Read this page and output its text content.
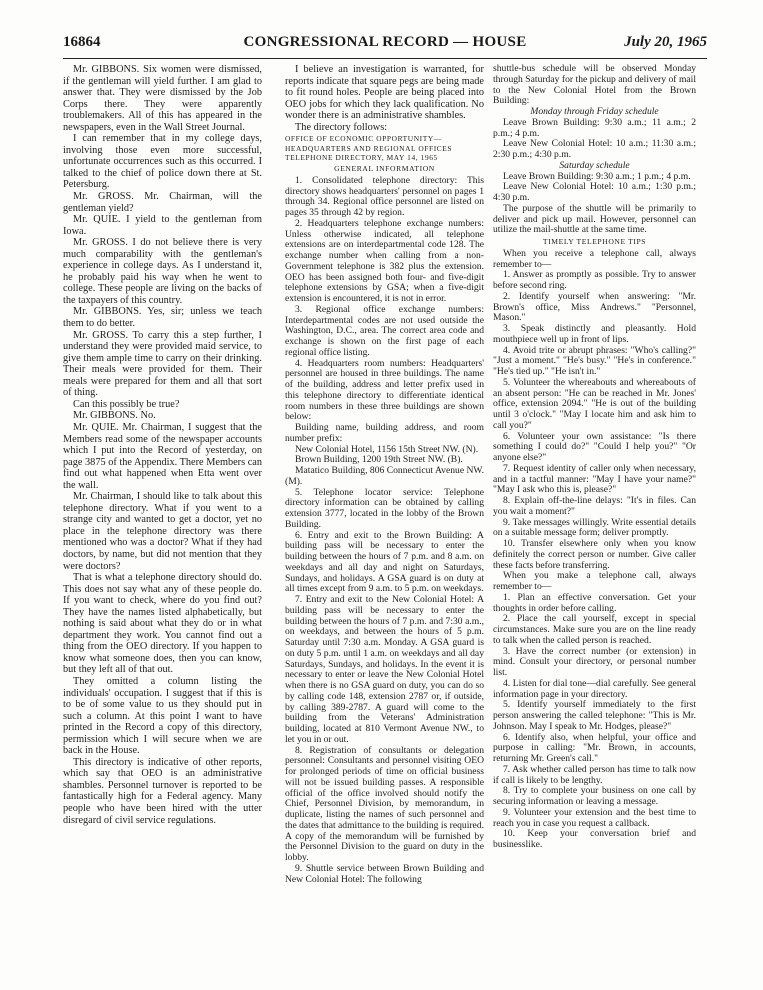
16864	CONGRESSIONAL RECORD — HOUSE	July 20, 1965

Mr. GIBBONS. Six women were dismissed, if the gentleman will yield further. I am glad to answer that. They were dismissed by the Job Corps there. They were apparently troublemakers. All of this has appeared in the newspapers, even in the Wall Street Journal.

I can remember that in my college days, involving those even more successful, unfortunate occurrences such as this occurred. I talked to the chief of police down there at St. Petersburg.

Mr. GROSS. Mr. Chairman, will the gentleman yield?

Mr. QUIE. I yield to the gentleman from Iowa.

Mr. GROSS. I do not believe there is very much comparability with the gentleman's experience in college days. As I understand it, he probably paid his way when he went to college. These people are living on the backs of the taxpayers of this country.

Mr. GIBBONS. Yes, sir; unless we teach them to do better.

Mr. GROSS. To carry this a step further, I understand they were provided maid service, to give them ample time to carry on their drinking. Their meals were provided for them. Their meals were prepared for them and all that sort of thing.

Can this possibly be true?

Mr. GIBBONS. No.

Mr. QUIE. Mr. Chairman, I suggest that the Members read some of the newspaper accounts which I put into the Record of yesterday, on page 3875 of the Appendix. There Members can find out what happened when Etta went over the wall.

Mr. Chairman, I should like to talk about this telephone directory. What if you went to a strange city and wanted to get a doctor, yet no place in the telephone directory was there mentioned who was a doctor? What if they had doctors, by name, but did not mention that they were doctors?

That is what a telephone directory should do. This does not say what any of these people do. If you want to check, where do you find out? They have the names listed alphabetically, but nothing is said about what they do or in what department they work. You cannot find out a thing from the OEO directory. If you happen to know what someone does, then you can know, but they left all of that out.

They omitted a column listing the individuals' occupation. I suggest that if this is to be of some value to us they should put in such a column. At this point I want to have printed in the Record a copy of this directory, permission which I will secure when we are back in the House.

This directory is indicative of other reports, which say that OEO is an administrative shambles. Personnel turnover is reported to be fantastically high for a Federal agency. Many people who have been hired with the utter disregard of civil service regulations.

I believe an investigation is warranted, for reports indicate that square pegs are being made to fit round holes. People are being placed into OEO jobs for which they lack qualification. No wonder there is an administrative shambles.

The directory follows:

OFFICE OF ECONOMIC OPPORTUNITY—HEADQUARTERS AND REGIONAL OFFICES TELEPHONE DIRECTORY, MAY 14, 1965

GENERAL INFORMATION

1. Consolidated telephone directory: This directory shows headquarters' personnel on pages 1 through 34. Regional office personnel are listed on pages 35 through 42 by region.

2. Headquarters telephone exchange numbers: Unless otherwise indicated, all telephone extensions are on interdepartmental code 128. The exchange number when calling from a non-Government telephone is 382 plus the extension. OEO has been assigned both four- and five-digit telephone extensions by GSA; when a five-digit extension is encountered, it is not in error.

3. Regional office exchange numbers: Interdepartmental codes are not used outside the Washington, D.C., area. The correct area code and exchange is shown on the first page of each regional office listing.

4. Headquarters room numbers: Headquarters' personnel are housed in three buildings. The name of the building, address and letter prefix used in this telephone directory to differentiate identical room numbers in these three buildings are shown below:

Building name, building address, and room number prefix:

New Colonial Hotel, 1156 15th Street NW. (N).

Brown Building, 1200 19th Street NW. (B).

Matatico Building, 806 Connecticut Avenue NW. (M).

5. Telephone locator service: Telephone directory information can be obtained by calling extension 3777, located in the lobby of the Brown Building.

6. Entry and exit to the Brown Building: A building pass will be necessary to enter the building between the hours of 7 p.m. and 8 a.m. on weekdays and all day and night on Saturdays, Sundays, and holidays. A GSA guard is on duty at all times except from 9 a.m. to 5 p.m. on weekdays.

7. Entry and exit to the New Colonial Hotel: A building pass will be necessary to enter the building between the hours of 7 p.m. and 7:30 a.m., on weekdays, and between the hours of 5 p.m. Saturday until 7:30 a.m. Monday. A GSA guard is on duty 5 p.m. until 1 a.m. on weekdays and all day Saturdays, Sundays, and holidays. In the event it is necessary to enter or leave the New Colonial Hotel when there is no GSA guard on duty, you can do so by calling code 148, extension 2787 or, if outside, by calling 389-2787. A guard will come to the building from the Veterans' Administration building, located at 810 Vermont Avenue NW., to let you in or out.

8. Registration of consultants or delegation personnel: Consultants and personnel visiting OEO for prolonged periods of time on official business will not be issued building passes. A responsible official of the office involved should notify the Chief, Personnel Division, by memorandum, in duplicate, listing the names of such personnel and the dates that admittance to the building is required. A copy of the memorandum will be furnished by the Personnel Division to the guard on duty in the lobby.

9. Shuttle service between Brown Building and New Colonial Hotel: The following

shuttle-bus schedule will be observed Monday through Saturday for the pickup and delivery of mail to the New Colonial Hotel from the Brown Building:

Monday through Friday schedule

Leave Brown Building: 9:30 a.m.; 11 a.m.; 2 p.m.; 4 p.m.

Leave New Colonial Hotel: 10 a.m.; 11:30 a.m.; 2:30 p.m.; 4:30 p.m.

Saturday schedule

Leave Brown Building: 9:30 a.m.; 1 p.m.; 4 p.m.

Leave New Colonial Hotel: 10 a.m.; 1:30 p.m.; 4:30 p.m.

The purpose of the shuttle will be primarily to deliver and pick up mail. However, personnel can utilize the mail-shuttle at the same time.

TIMELY TELEPHONE TIPS

When you receive a telephone call, always remember to—

1. Answer as promptly as possible. Try to answer before second ring.

2. Identify yourself when answering: "Mr. Brown's office, Miss Andrews." "Personnel, Mason."

3. Speak distinctly and pleasantly. Hold mouthpiece well up in front of lips.

4. Avoid trite or abrupt phrases: "Who's calling?" "Just a moment." "He's busy." "He's in conference." "He's tied up." "He isn't in."

5. Volunteer the whereabouts and whereabouts of an absent person: "He can be reached in Mr. Jones' office, extension 2094." "He is out of the building until 3 o'clock." "May I locate him and ask him to call you?"

6. Volunteer your own assistance: "Is there something I could do?" "Could I help you?" "Or anyone else?"

7. Request identity of caller only when necessary, and in a tactful manner: "May I have your name?" "May I ask who this is, please?"

8. Explain off-the-line delays: "It's in files. Can you wait a moment?"

9. Take messages willingly. Write essential details on a suitable message form; deliver promptly.

10. Transfer elsewhere only when you know definitely the correct person or number. Give caller these facts before transferring.

When you make a telephone call, always remember to—

1. Plan an effective conversation. Get your thoughts in order before calling.

2. Place the call yourself, except in special circumstances. Make sure you are on the line ready to talk when the called person is reached.

3. Have the correct number (or extension) in mind. Consult your directory, or personal number list.

4. Listen for dial tone—dial carefully. See general information page in your directory.

5. Identify yourself immediately to the first person answering the called telephone: "This is Mr. Johnson. May I speak to Mr. Hodges, please?"

6. Identify also, when helpful, your office and purpose in calling: "Mr. Brown, in accounts, returning Mr. Green's call."

7. Ask whether called person has time to talk now if call is likely to be lengthy.

8. Try to complete your business on one call by securing information or leaving a message.

9. Volunteer your extension and the best time to reach you in case you request a callback.

10. Keep your conversation brief and businesslike.
